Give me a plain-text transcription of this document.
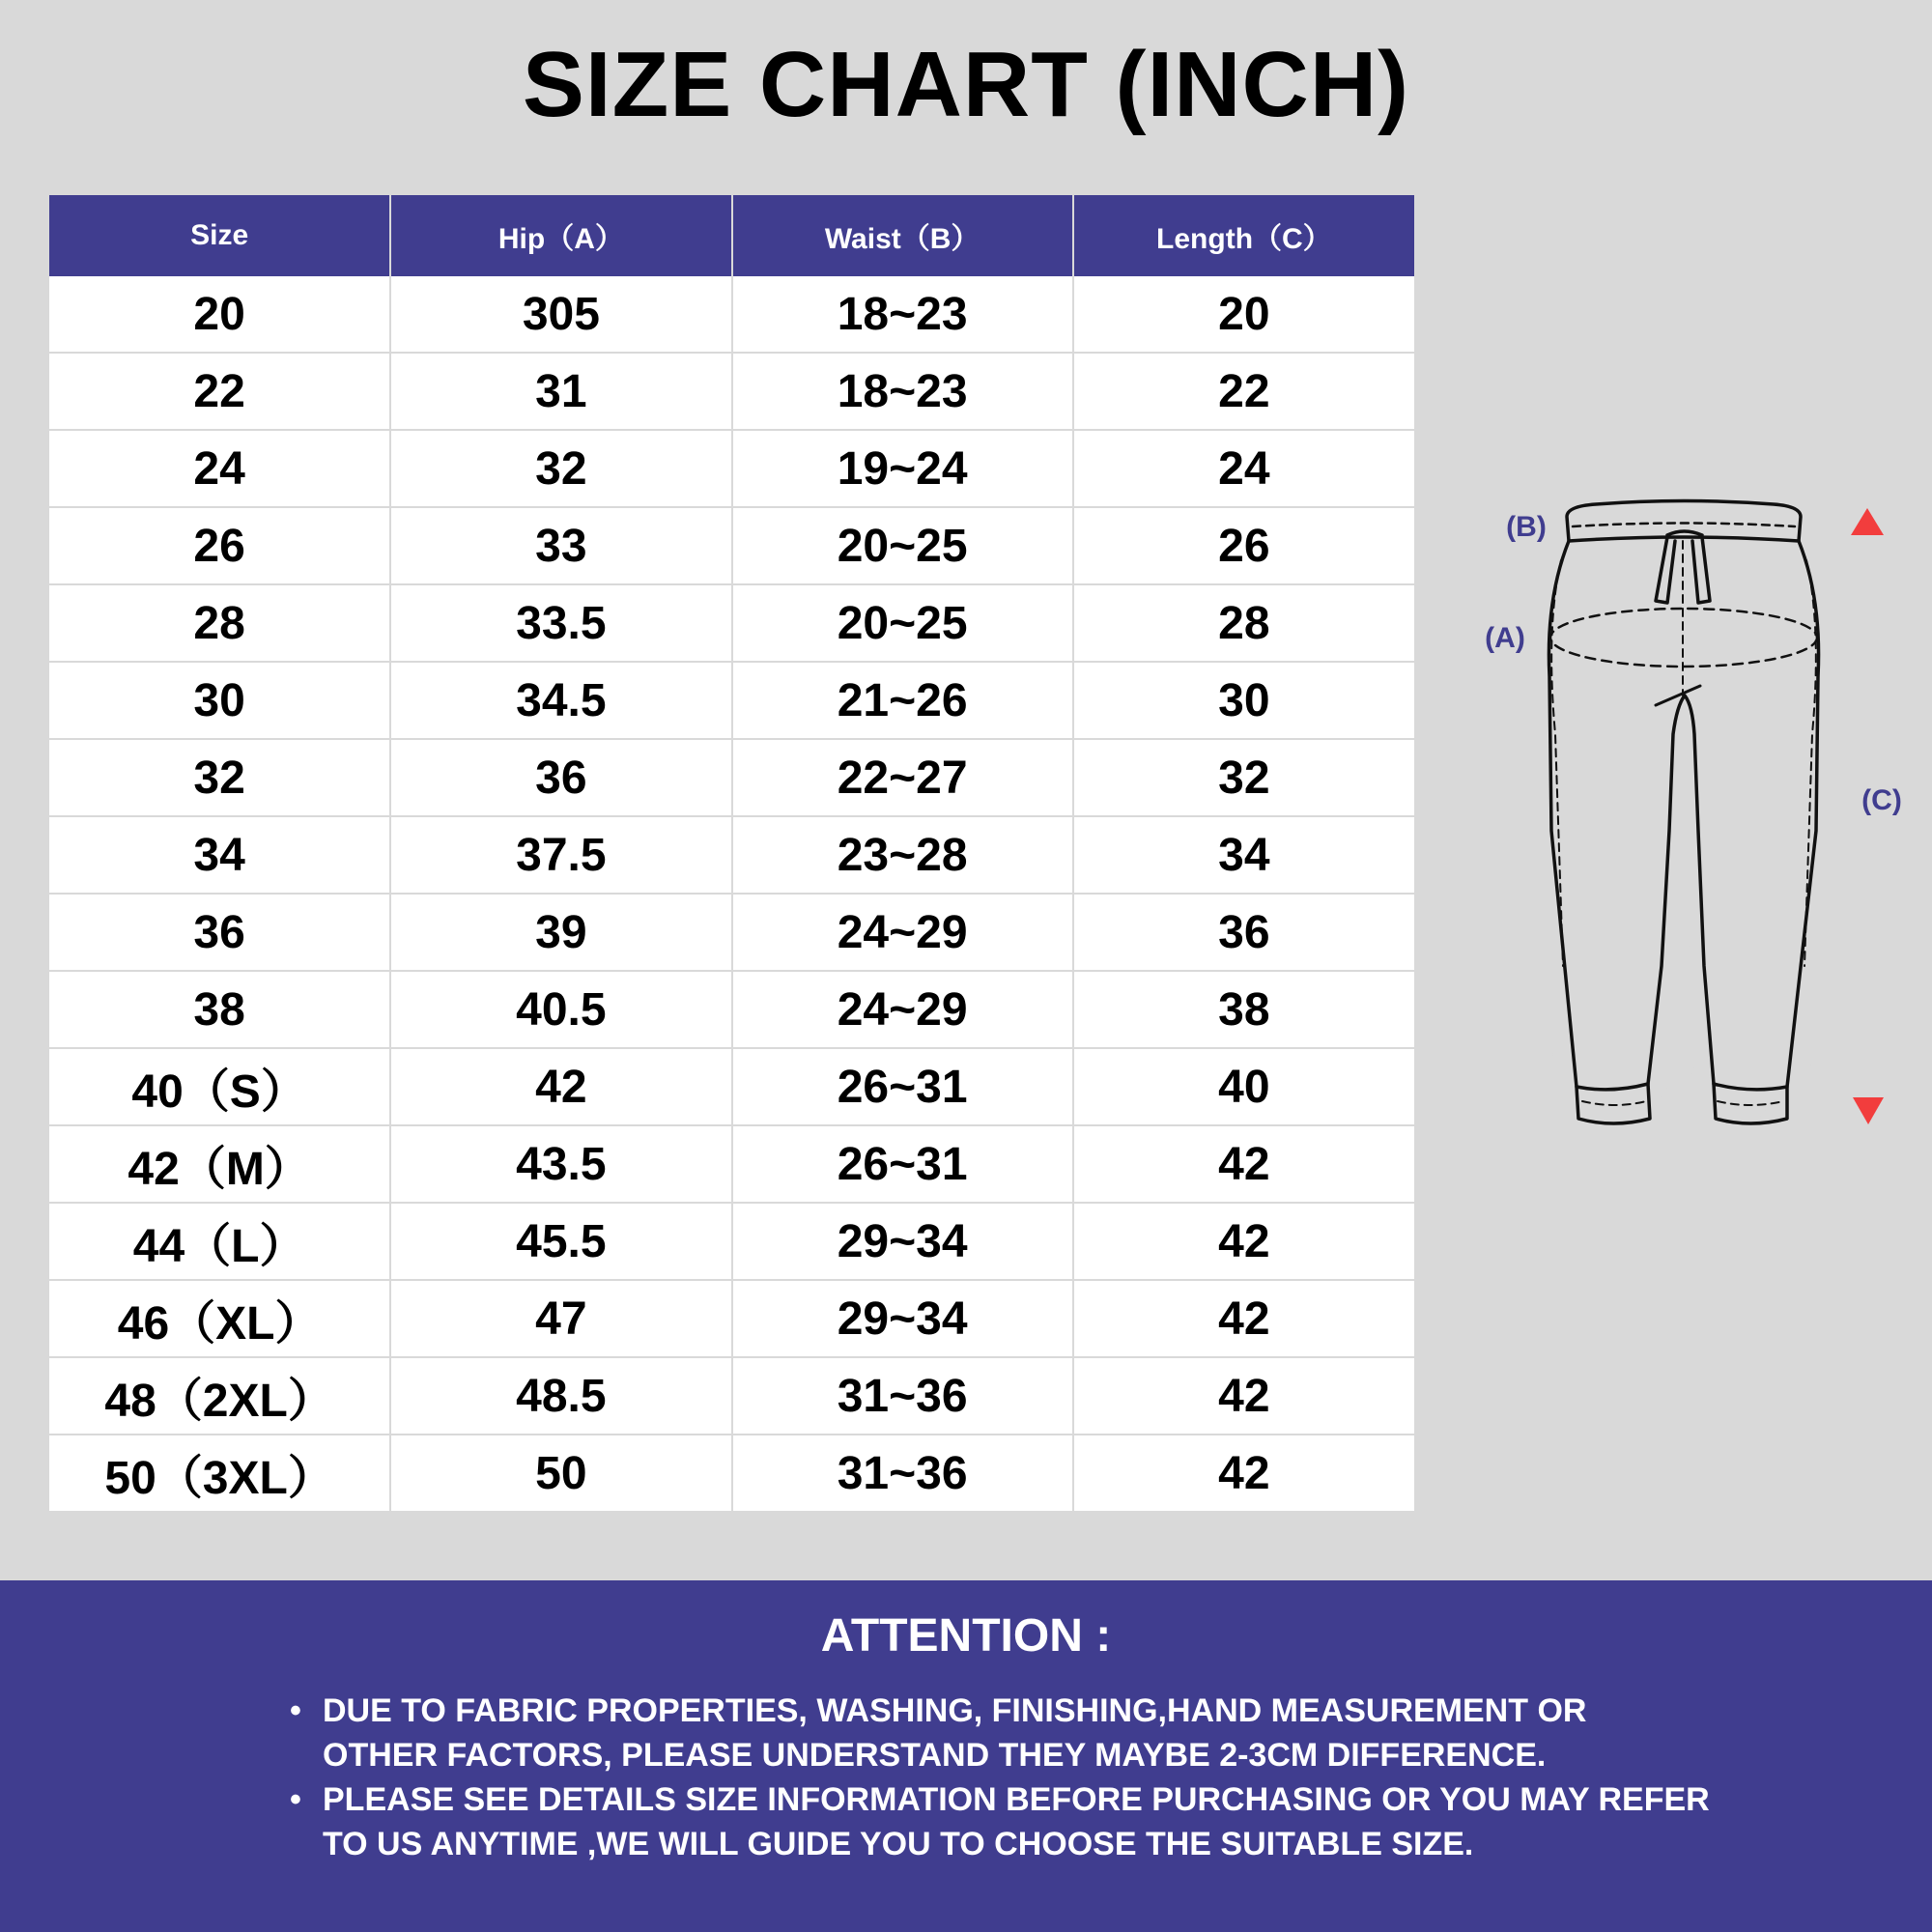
SIZE CHART (INCH)
Size	Hip（A）	Waist（B）	Length（C）
20	305	18~23	20
22	31	18~23	22
24	32	19~24	24
26	33	20~25	26
28	33.5	20~25	28
30	34.5	21~26	30
32	36	22~27	32
34	37.5	23~28	34
36	39	24~29	36
38	40.5	24~29	38
40（S）	42	26~31	40
42（M）	43.5	26~31	42
44（L）	45.5	29~34	42
46（XL）	47	29~34	42
48（2XL）	48.5	31~36	42
50（3XL）	50	31~36	42
(B)
(A)
(C)
ATTENTION :
• DUE TO FABRIC PROPERTIES, WASHING, FINISHING,HAND MEASUREMENT OR
OTHER FACTORS, PLEASE UNDERSTAND THEY MAYBE 2-3CM DIFFERENCE.
• PLEASE SEE DETAILS SIZE INFORMATION BEFORE PURCHASING OR YOU MAY REFER
TO US ANYTIME ,WE WILL GUIDE YOU TO CHOOSE THE SUITABLE SIZE.
